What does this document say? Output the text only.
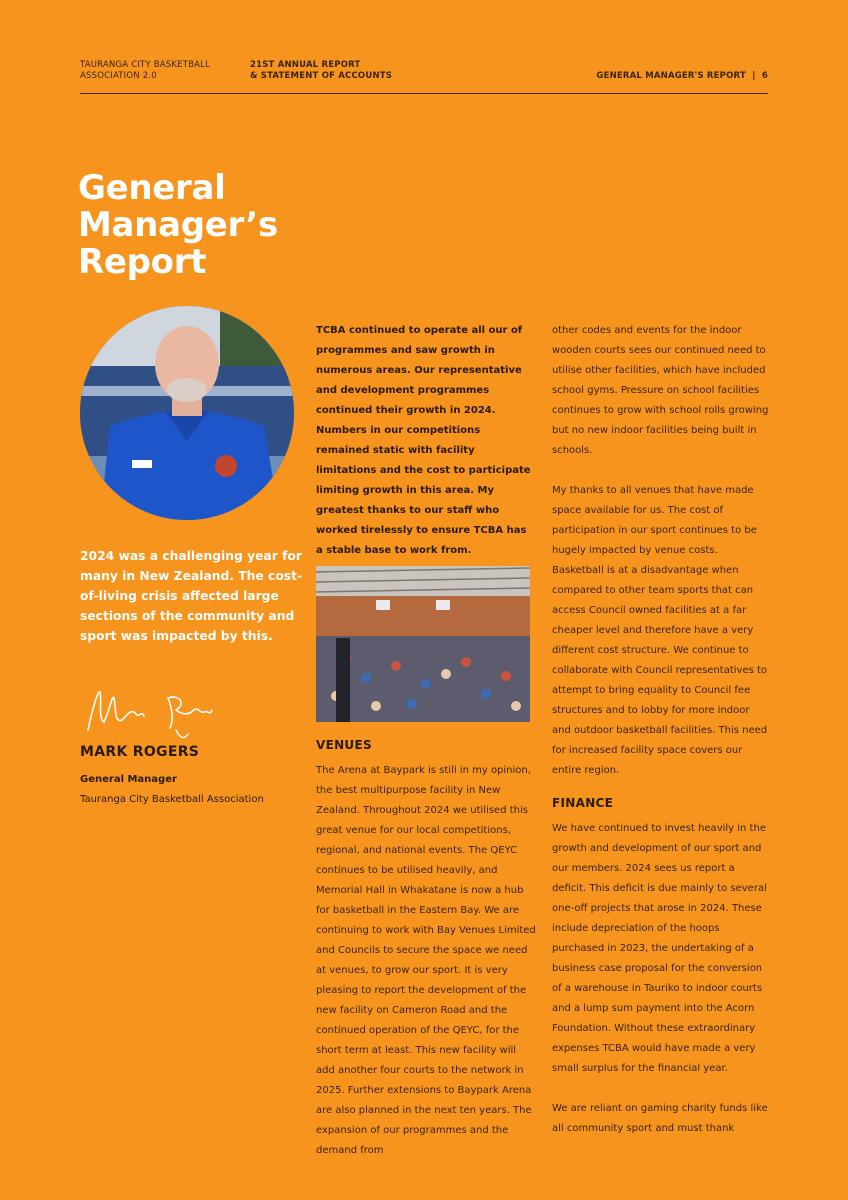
TAURANGA CITY BASKETBALL
ASSOCIATION 2.0
21ST ANNUAL REPORT
& STATEMENT OF ACCOUNTS	GENERAL MANAGER'S REPORT  |  6
General
Manager’s
Report

2024 was a challenging year for many in New Zealand. The cost-of-living crisis affected large sections of the community and sport was impacted by this.

MARK ROGERS
General Manager
Tauranga City Basketball Association

TCBA continued to operate all our of programmes and saw growth in numerous areas. Our representative and development programmes continued their growth in 2024. Numbers in our competitions remained static with facility limitations and the cost to participate limiting growth in this area. My greatest thanks to our staff who worked tirelessly to ensure TCBA has a stable base to work from.

VENUES

The Arena at Baypark is still in my opinion, the best multipurpose facility in New Zealand. Throughout 2024 we utilised this great venue for our local competitions, regional, and national events. The QEYC continues to be utilised heavily, and Memorial Hall in Whakatane is now a hub for basketball in the Eastern Bay. We are continuing to work with Bay Venues Limited and Councils to secure the space we need at venues, to grow our sport. It is very pleasing to report the development of the new facility on Cameron Road and the continued operation of the QEYC, for the short term at least. This new facility will add another four courts to the network in 2025. Further extensions to Baypark Arena are also planned in the next ten years. The expansion of our programmes and the demand from

other codes and events for the indoor wooden courts sees our continued need to utilise other facilities, which have included school gyms. Pressure on school facilities continues to grow with school rolls growing but no new indoor facilities being built in schools.

My thanks to all venues that have made space available for us. The cost of participation in our sport continues to be hugely impacted by venue costs. Basketball is at a disadvantage when compared to other team sports that can access Council owned facilities at a far cheaper level and therefore have a very different cost structure. We continue to collaborate with Council representatives to attempt to bring equality to Council fee structures and to lobby for more indoor and outdoor basketball facilities. This need for increased facility space covers our entire region.

FINANCE

We have continued to invest heavily in the growth and development of our sport and our members. 2024 sees us report a deficit. This deficit is due mainly to several one-off projects that arose in 2024. These include depreciation of the hoops purchased in 2023, the undertaking of a business case proposal for the conversion of a warehouse in Tauriko to indoor courts and a lump sum payment into the Acorn Foundation. Without these extraordinary expenses TCBA would have made a very small surplus for the financial year.

We are reliant on gaming charity funds like all community sport and must thank
